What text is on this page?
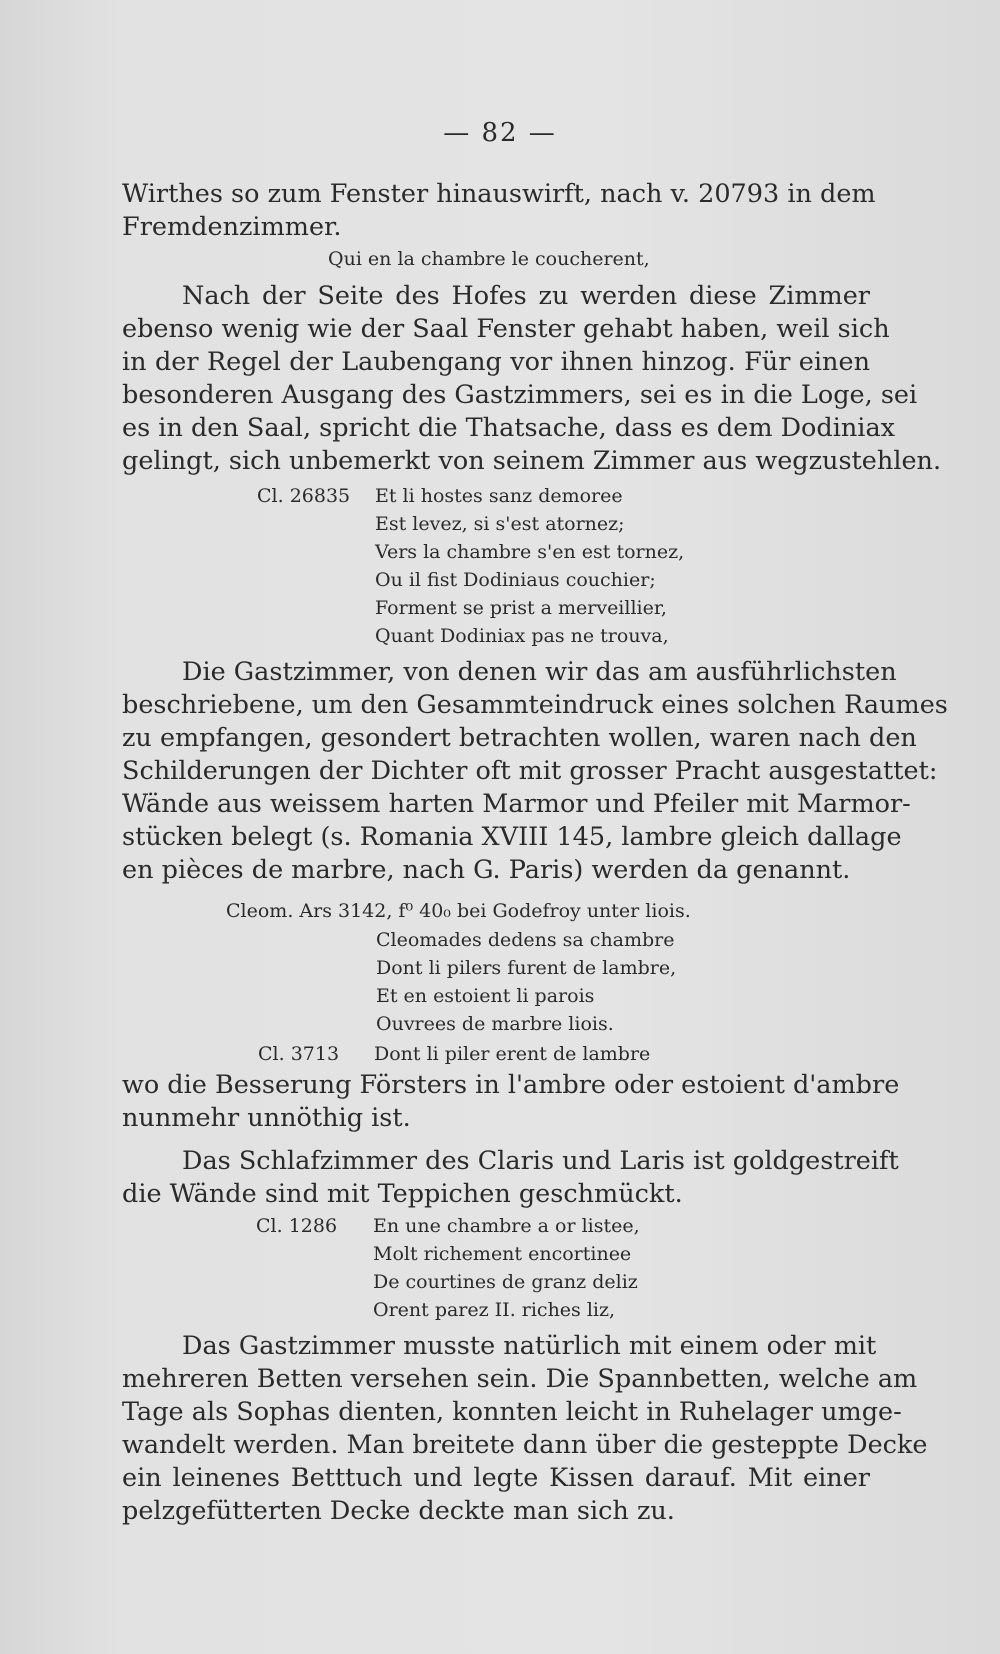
— 82 —

Wirthes so zum Fenster hinauswirft, nach v. 20793 in dem
Fremdenzimmer.

Qui en la chambre le coucherent,

Nach der Seite des Hofes zu werden diese Zimmer
ebenso wenig wie der Saal Fenster gehabt haben, weil sich
in der Regel der Laubengang vor ihnen hinzog. Für einen
besonderen Ausgang des Gastzimmers, sei es in die Loge, sei
es in den Saal, spricht die Thatsache, dass es dem Dodiniax
gelingt, sich unbemerkt von seinem Zimmer aus wegzustehlen.

Cl. 26835 Et li hostes sanz demoree
Est levez, si s'est atornez;
Vers la chambre s'en est tornez,
Ou il fist Dodiniaus couchier;
Forment se prist a merveillier,
Quant Dodiniax pas ne trouva,

Die Gastzimmer, von denen wir das am ausführlichsten
beschriebene, um den Gesammteindruck eines solchen Raumes
zu empfangen, gesondert betrachten wollen, waren nach den
Schilderungen der Dichter oft mit grosser Pracht ausgestattet:
Wände aus weissem harten Marmor und Pfeiler mit Marmor-
stücken belegt (s. Romania XVIII 145, lambre gleich dallage
en pièces de marbre, nach G. Paris) werden da genannt.

Cleom. Ars 3142, f⁰ 40₀ bei Godefroy unter liois.
Cleomades dedens sa chambre
Dont li pilers furent de lambre,
Et en estoient li parois
Ouvrees de marbre liois.
Cl. 3713 Dont li piler erent de lambre

wo die Besserung Försters in l'ambre oder estoient d'ambre
nunmehr unnöthig ist.

Das Schlafzimmer des Claris und Laris ist goldgestreift
die Wände sind mit Teppichen geschmückt.

Cl. 1286 En une chambre a or listee,
Molt richement encortinee
De courtines de granz deliz
Orent parez II. riches liz,

Das Gastzimmer musste natürlich mit einem oder mit
mehreren Betten versehen sein. Die Spannbetten, welche am
Tage als Sophas dienten, konnten leicht in Ruhelager umge-
wandelt werden. Man breitete dann über die gesteppte Decke
ein leinenes Betttuch und legte Kissen darauf. Mit einer
pelzgefütterten Decke deckte man sich zu.
